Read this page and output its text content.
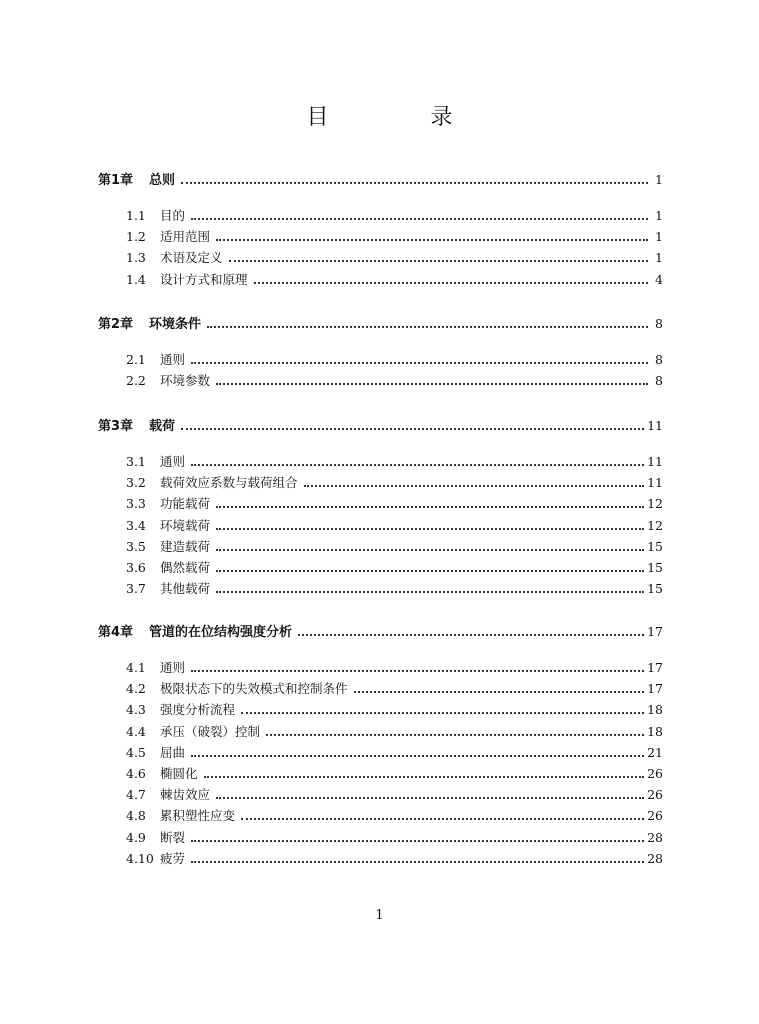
目　录
第1章 总则	1
1.1	目的	1
1.2	适用范围	1
1.3	术语及定义	1
1.4	设计方式和原理	4
第2章 环境条件	8
2.1	通则	8
2.2	环境参数	8
第3章 载荷	11
3.1	通则	11
3.2	载荷效应系数与载荷组合	11
3.3	功能载荷	12
3.4	环境载荷	12
3.5	建造载荷	15
3.6	偶然载荷	15
3.7	其他载荷	15
第4章 管道的在位结构强度分析	17
4.1	通则	17
4.2	极限状态下的失效模式和控制条件	17
4.3	强度分析流程	18
4.4	承压（破裂）控制	18
4.5	屈曲	21
4.6	椭圆化	26
4.7	棘齿效应	26
4.8	累积塑性应变	26
4.9	断裂	28
4.10 疲劳	28
1
